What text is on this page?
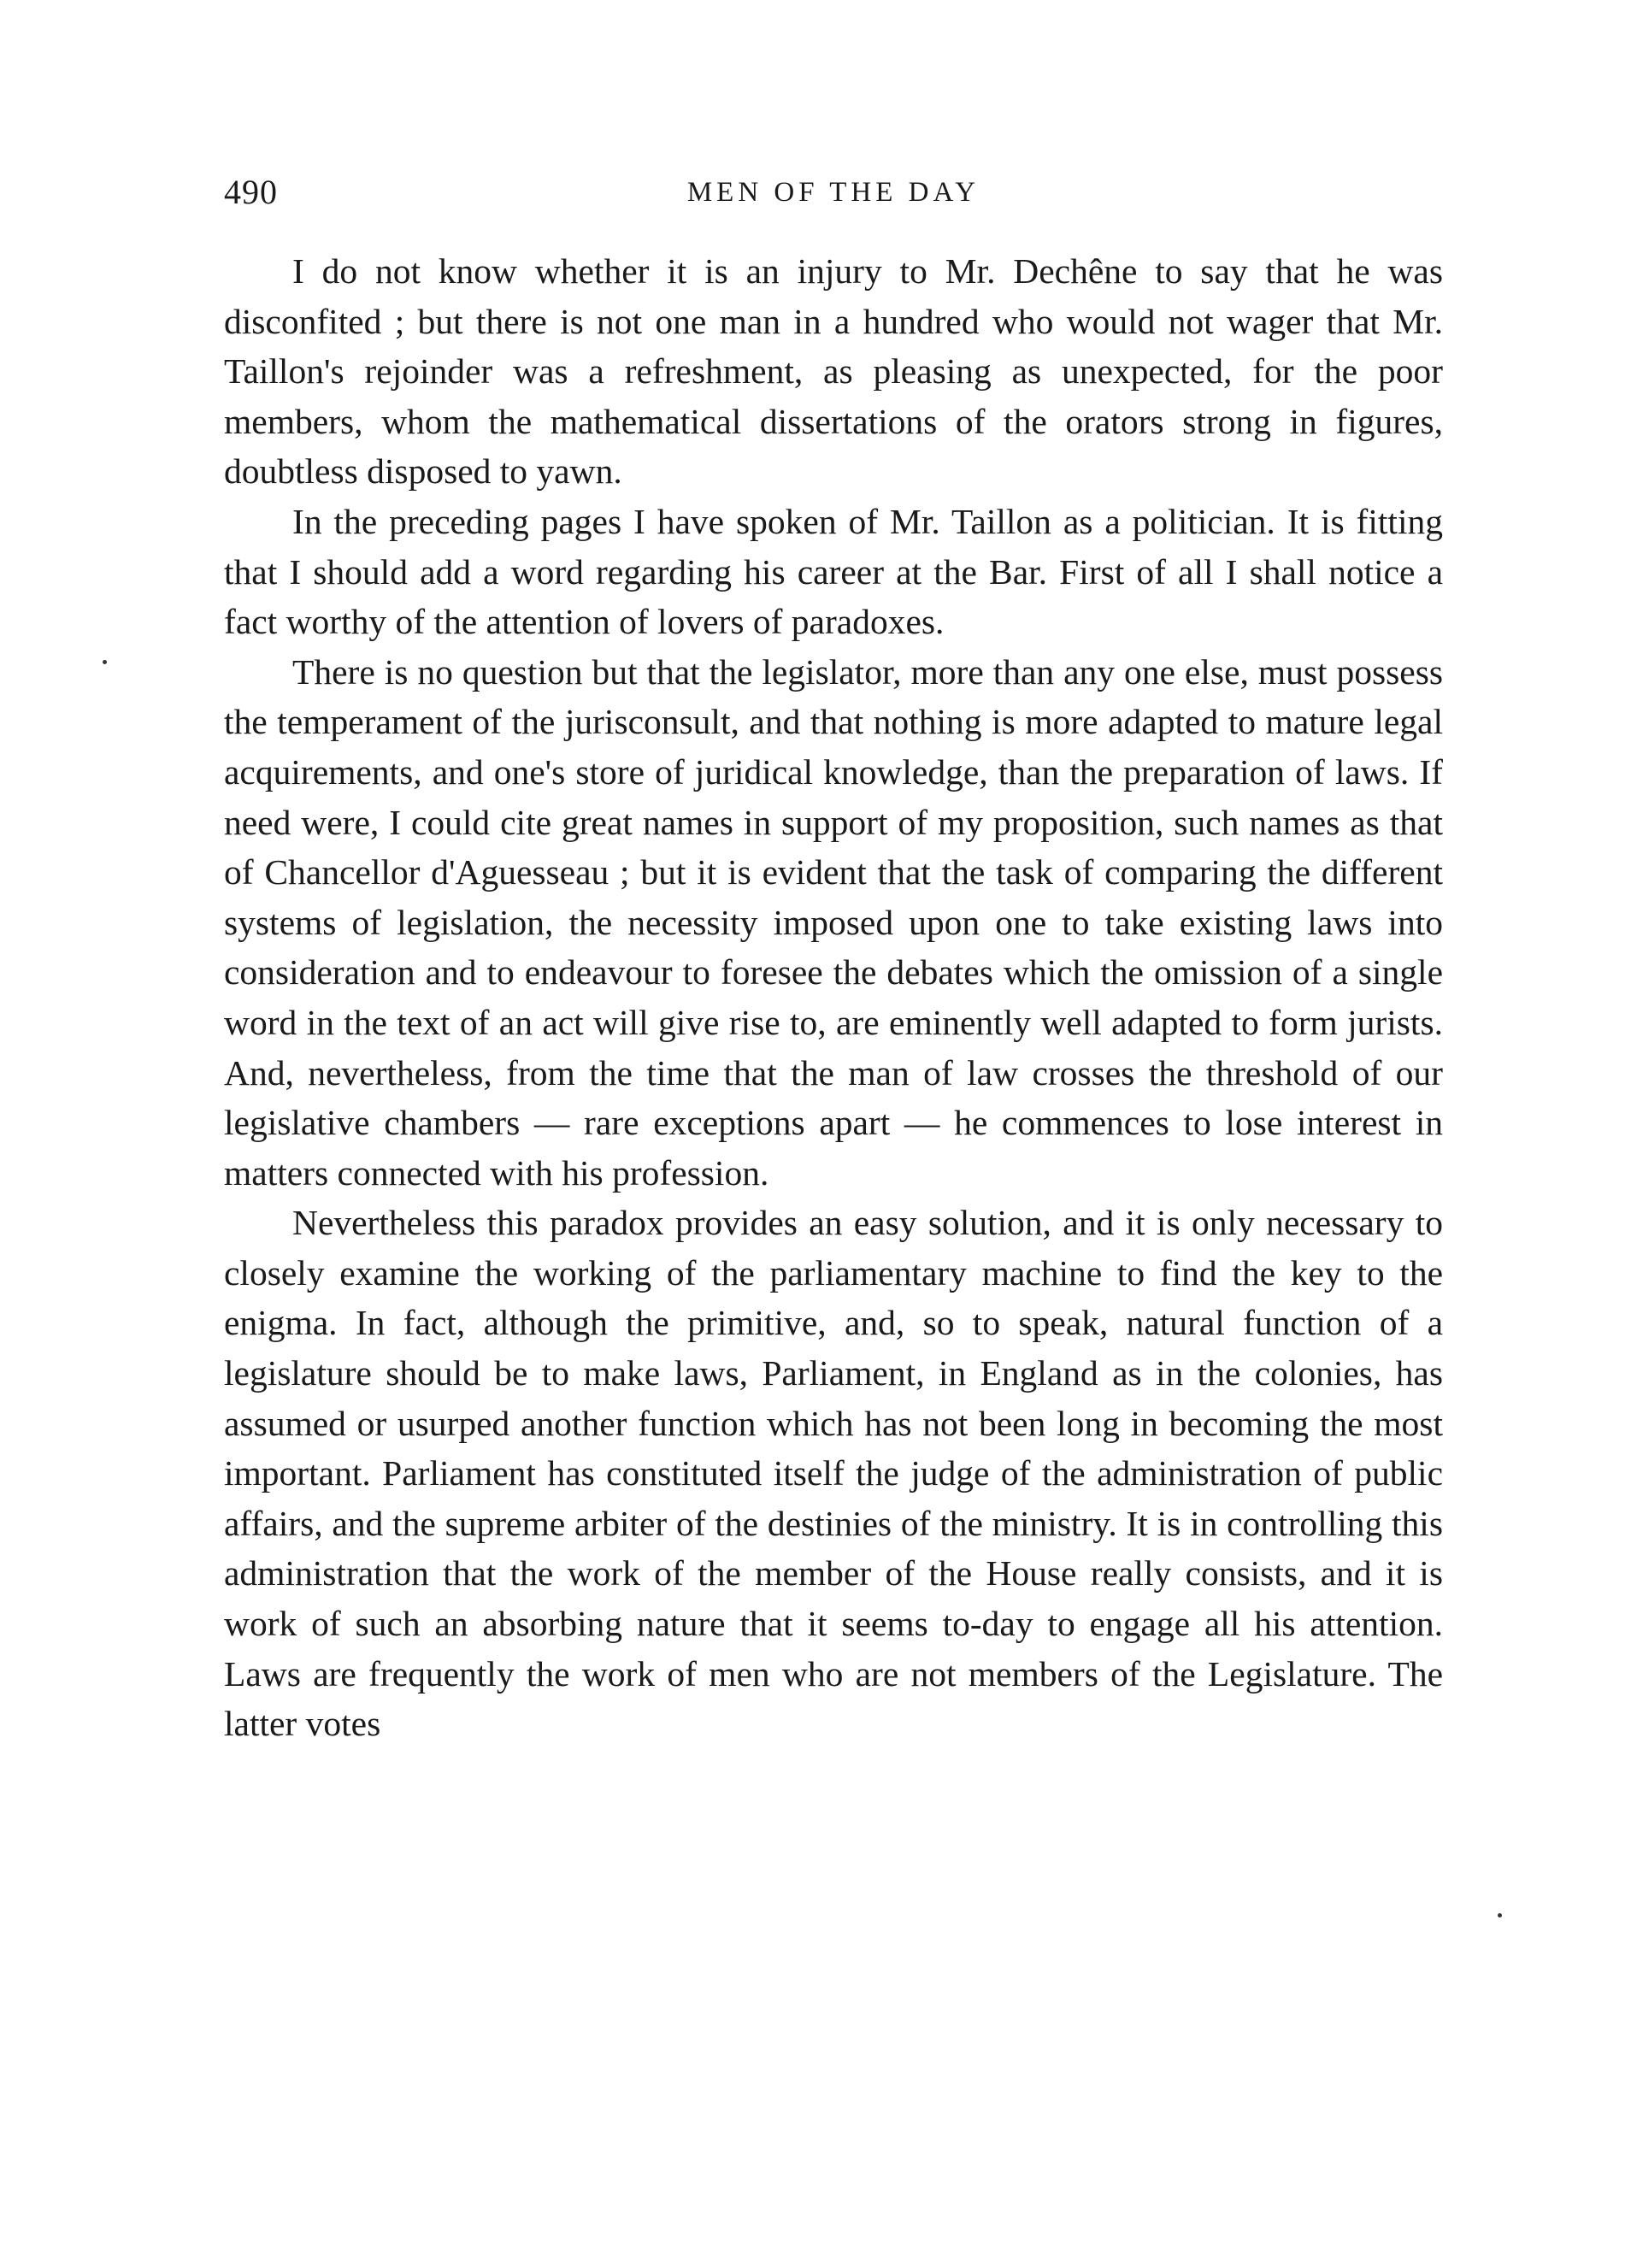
490	MEN OF THE DAY

I do not know whether it is an injury to Mr. Dechêne to say that he was disconfited ; but there is not one man in a hundred who would not wager that Mr. Taillon's rejoinder was a refreshment, as pleasing as unexpected, for the poor members, whom the mathematical dissertations of the orators strong in figures, doubtless disposed to yawn.

In the preceding pages I have spoken of Mr. Taillon as a politician. It is fitting that I should add a word regarding his career at the Bar. First of all I shall notice a fact worthy of the attention of lovers of paradoxes.

There is no question but that the legislator, more than any one else, must possess the temperament of the jurisconsult, and that nothing is more adapted to mature legal acquirements, and one's store of juridical knowledge, than the preparation of laws. If need were, I could cite great names in support of my proposition, such names as that of Chancellor d'Aguesseau ; but it is evident that the task of comparing the different systems of legislation, the necessity imposed upon one to take existing laws into consideration and to endeavour to foresee the debates which the omission of a single word in the text of an act will give rise to, are eminently well adapted to form jurists. And, nevertheless, from the time that the man of law crosses the threshold of our legislative chambers — rare exceptions apart — he commences to lose interest in matters connected with his profession.

Nevertheless this paradox provides an easy solution, and it is only necessary to closely examine the working of the parliamentary machine to find the key to the enigma. In fact, although the primitive, and, so to speak, natural function of a legislature should be to make laws, Parliament, in England as in the colonies, has assumed or usurped another function which has not been long in becoming the most important. Parliament has constituted itself the judge of the administration of public affairs, and the supreme arbiter of the destinies of the ministry. It is in controlling this administration that the work of the member of the House really consists, and it is work of such an absorbing nature that it seems to-day to engage all his attention. Laws are frequently the work of men who are not members of the Legislature. The latter votes
